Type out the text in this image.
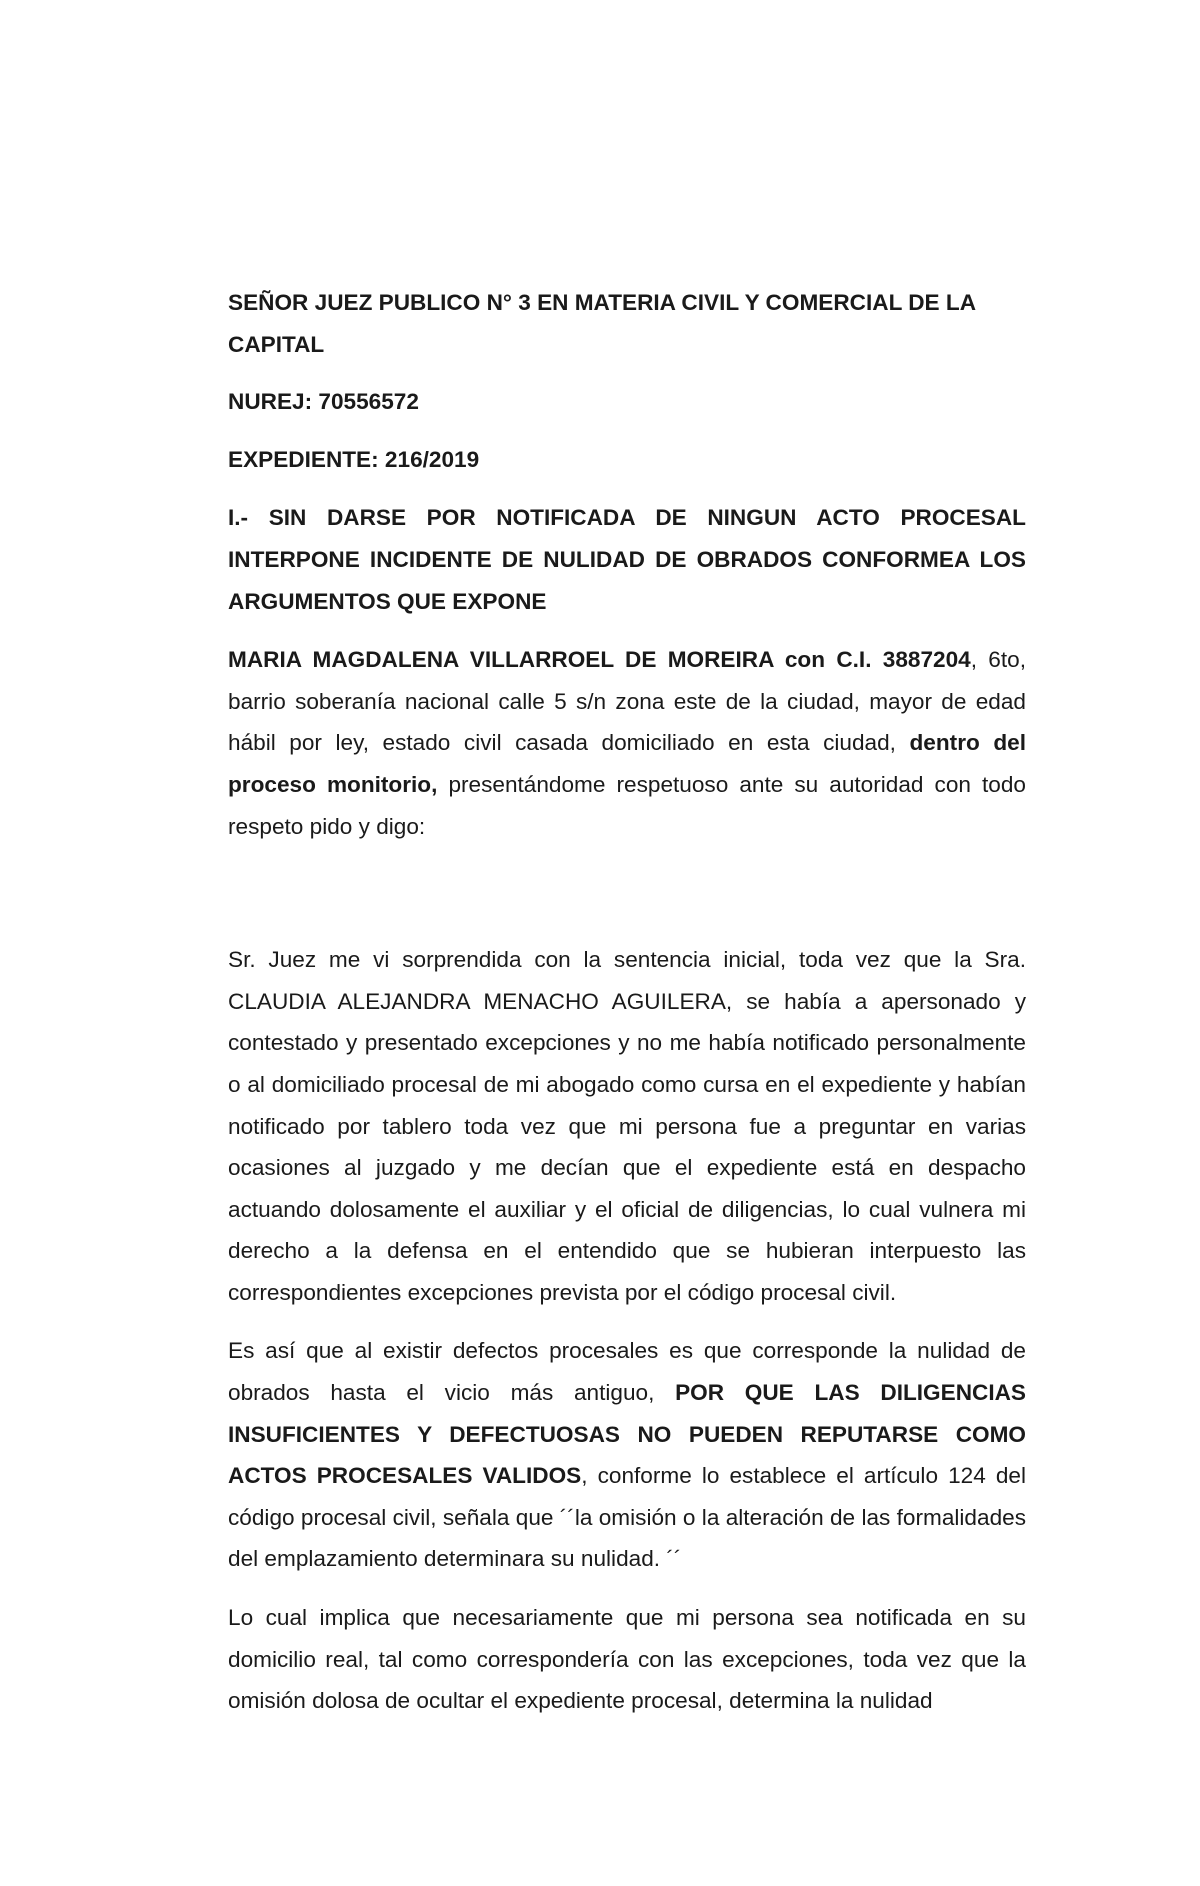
SEÑOR JUEZ PUBLICO N° 3 EN MATERIA CIVIL Y COMERCIAL DE LA CAPITAL

NUREJ: 70556572

EXPEDIENTE: 216/2019

I.- SIN DARSE POR NOTIFICADA DE NINGUN ACTO PROCESAL INTERPONE INCIDENTE DE NULIDAD DE OBRADOS CONFORMEA LOS ARGUMENTOS QUE EXPONE

MARIA MAGDALENA VILLARROEL DE MOREIRA con C.I. 3887204, 6to, barrio soberanía nacional calle 5 s/n zona este de la ciudad, mayor de edad hábil por ley, estado civil casada domiciliado en esta ciudad, dentro del proceso monitorio, presentándome respetuoso ante su autoridad con todo respeto pido y digo:

Sr. Juez me vi sorprendida con la sentencia inicial, toda vez que la Sra. CLAUDIA ALEJANDRA MENACHO AGUILERA, se había a apersonado y contestado y presentado excepciones y no me había notificado personalmente o al domiciliado procesal de mi abogado como cursa en el expediente y habían notificado por tablero toda vez que mi persona fue a preguntar en varias ocasiones al juzgado y me decían que el expediente está en despacho actuando dolosamente el auxiliar y el oficial de diligencias, lo cual vulnera mi derecho a la defensa en el entendido que se hubieran interpuesto las correspondientes excepciones prevista por el código procesal civil.

Es así que al existir defectos procesales es que corresponde la nulidad de obrados hasta el vicio más antiguo, POR QUE LAS DILIGENCIAS INSUFICIENTES Y DEFECTUOSAS NO PUEDEN REPUTARSE COMO ACTOS PROCESALES VALIDOS, conforme lo establece el artículo 124 del código procesal civil, señala que ´´la omisión o la alteración de las formalidades del emplazamiento determinara su nulidad. ´´

Lo cual implica que necesariamente que mi persona sea notificada en su domicilio real, tal como correspondería con las excepciones, toda vez que la omisión dolosa de ocultar el expediente procesal, determina la nulidad
